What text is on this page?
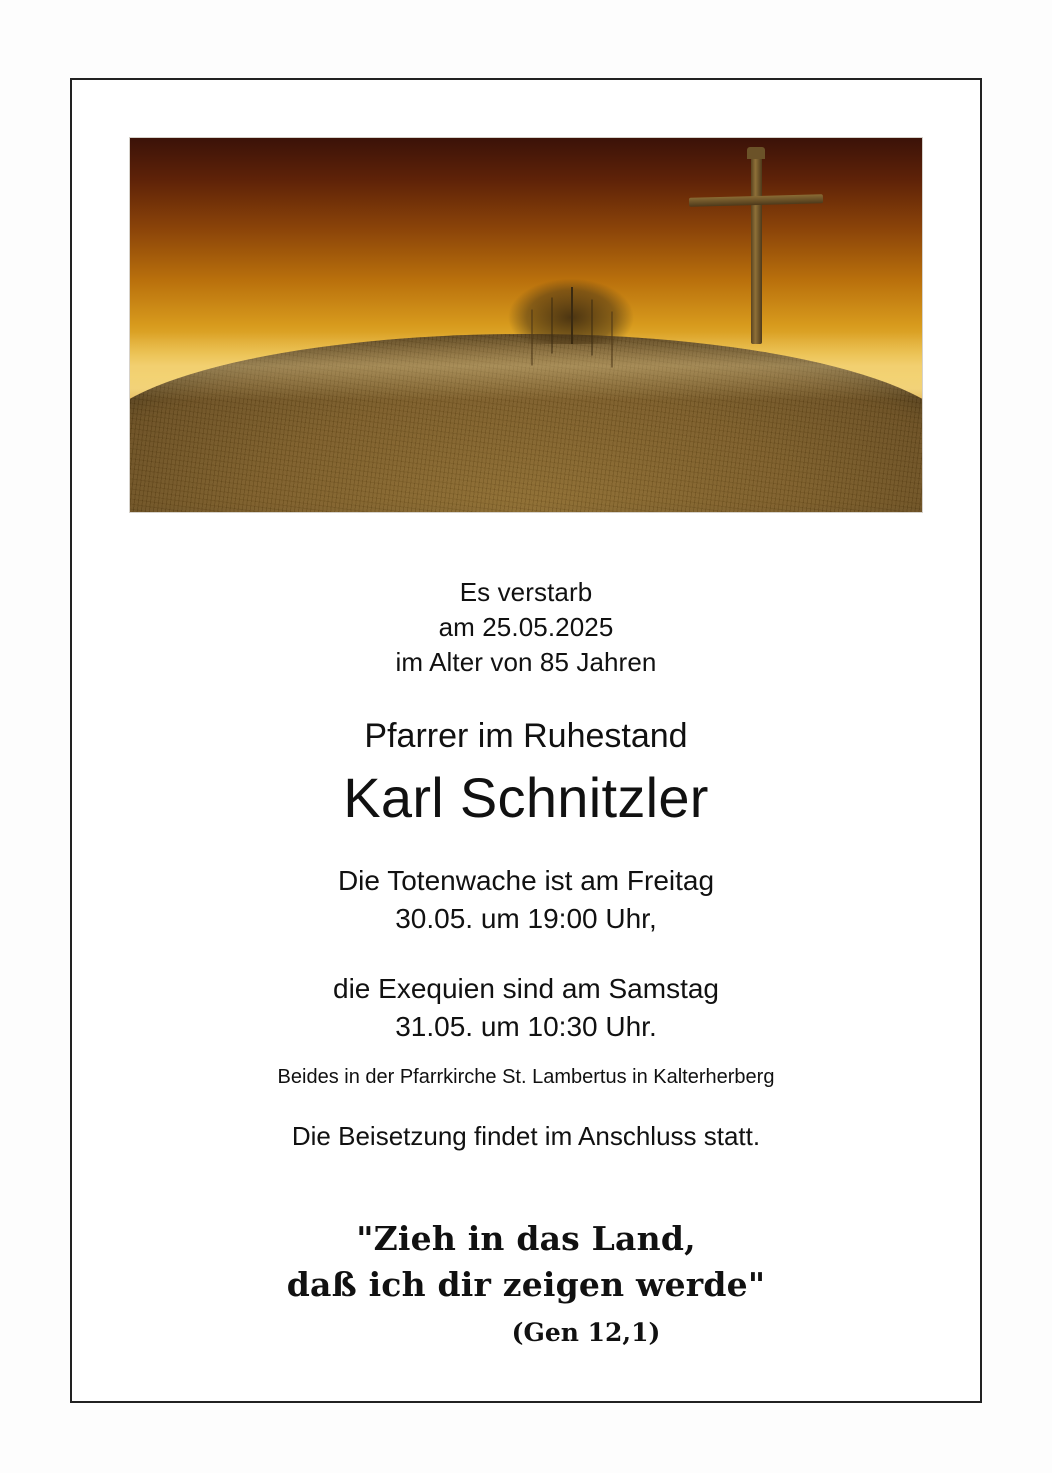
Es verstarb
am 25.05.2025
im Alter von 85 Jahren
Pfarrer im Ruhestand
Karl Schnitzler
Die Totenwache ist am Freitag
30.05. um 19:00 Uhr,
die Exequien sind am Samstag
31.05. um 10:30 Uhr.
Beides in der Pfarrkirche St. Lambertus in Kalterherberg
Die Beisetzung findet im Anschluss statt.
"Zieh in das Land,
daß ich dir zeigen werde"
(Gen 12,1)
